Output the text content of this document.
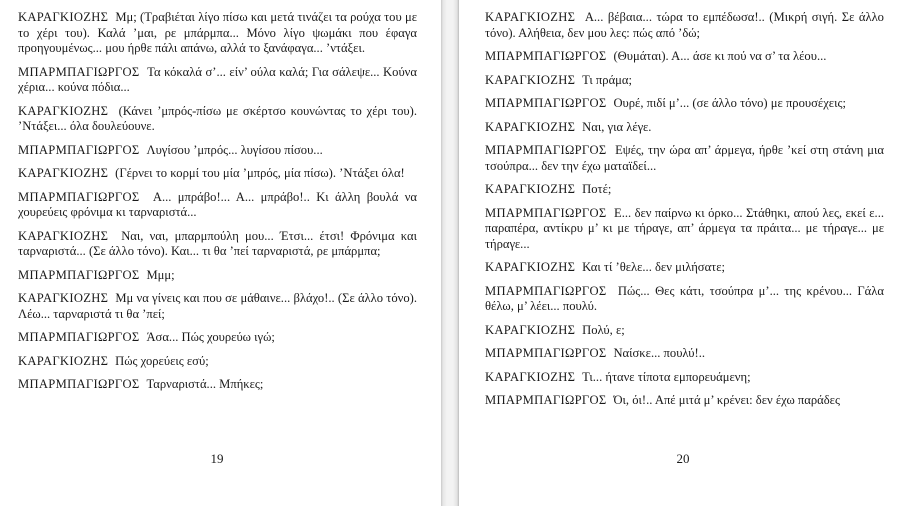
ΚΑΡΑΓΚΙΟΖΗΣ Μμ; (Τραβιέται λίγο πίσω και μετά τινάζει τα ρούχα του με το χέρι του). Καλά ’μαι, ρε μπάρμπα... Μόνο λίγο ψωμάκι που έφαγα προηγουμένως... μου ήρθε πάλι απάνω, αλλά το ξανάφαγα... ’ντάξει.

ΜΠΑΡΜΠΑΓΙΩΡΓΟΣ Τα κόκαλά σ’... είν’ ούλα καλά; Για σάλεψε... Κούνα χέρια... κούνα πόδια...

ΚΑΡΑΓΚΙΟΖΗΣ (Κάνει ’μπρός-πίσω με σκέρτσο κουνώντας το χέρι του). ’Ντάξει... όλα δουλεύουνε.

ΜΠΑΡΜΠΑΓΙΩΡΓΟΣ Λυγίσου ’μπρός... λυγίσου πίσου...

ΚΑΡΑΓΚΙΟΖΗΣ (Γέρνει το κορμί του μία ’μπρός, μία πίσω). ’Ντάξει όλα!

ΜΠΑΡΜΠΑΓΙΩΡΓΟΣ Α... μπράβο!... Α... μπράβο!.. Κι άλλη βουλά να χουρεύεις φρόνιμα κι ταρναριστά...

ΚΑΡΑΓΚΙΟΖΗΣ Ναι, ναι, μπαρμπούλη μου... Έτσι... έτσι! Φρόνιμα και ταρναριστά... (Σε άλλο τόνο). Και... τι θα ’πεί ταρναριστά, ρε μπάρμπα;

ΜΠΑΡΜΠΑΓΙΩΡΓΟΣ Μμμ;

ΚΑΡΑΓΚΙΟΖΗΣ Μμ να γίνεις και που σε μάθαινε... βλάχο!.. (Σε άλλο τόνο). Λέω... ταρναριστά τι θα ’πεί;

ΜΠΑΡΜΠΑΓΙΩΡΓΟΣ Άσα... Πώς χουρεύω ιγώ;

ΚΑΡΑΓΚΙΟΖΗΣ Πώς χορεύεις εσύ;

ΜΠΑΡΜΠΑΓΙΩΡΓΟΣ Ταρναριστά... Μπήκες;

19

ΚΑΡΑΓΚΙΟΖΗΣ Α... βέβαια... τώρα το εμπέδωσα!.. (Μικρή σιγή. Σε άλλο τόνο). Αλήθεια, δεν μου λες: πώς από ’δώ;

ΜΠΑΡΜΠΑΓΙΩΡΓΟΣ (Θυμάται). Α... άσε κι πού να σ’ τα λέου...

ΚΑΡΑΓΚΙΟΖΗΣ Τι πράμα;

ΜΠΑΡΜΠΑΓΙΩΡΓΟΣ Ουρέ, πιδί μ’... (σε άλλο τόνο) με προυσέχεις;

ΚΑΡΑΓΚΙΟΖΗΣ Ναι, για λέγε.

ΜΠΑΡΜΠΑΓΙΩΡΓΟΣ Εψές, την ώρα απ’ άρμεγα, ήρθε ’κεί στη στάνη μια τσούπρα... δεν την έχω ματαϊδεί...

ΚΑΡΑΓΚΙΟΖΗΣ Ποτέ;

ΜΠΑΡΜΠΑΓΙΩΡΓΟΣ Ε... δεν παίρνω κι όρκο... Στάθηκι, απού λες, εκεί ε... παραπέρα, αντίκρυ μ’ κι με τήραγε, απ’ άρμεγα τα πράιτα... με τήραγε... με τήραγε...

ΚΑΡΑΓΚΙΟΖΗΣ Και τί ’θελε... δεν μιλήσατε;

ΜΠΑΡΜΠΑΓΙΩΡΓΟΣ Πώς... Θες κάτι, τσούπρα μ’... της κρένου... Γάλα θέλω, μ’ λέει... πουλύ.

ΚΑΡΑΓΚΙΟΖΗΣ Πολύ, ε;

ΜΠΑΡΜΠΑΓΙΩΡΓΟΣ Ναίσκε... πουλύ!..

ΚΑΡΑΓΚΙΟΖΗΣ Τι... ήτανε τίποτα εμπορευάμενη;

ΜΠΑΡΜΠΑΓΙΩΡΓΟΣ Όι, όι!.. Απέ μιτά μ’ κρένει: δεν έχω παράδες

20
